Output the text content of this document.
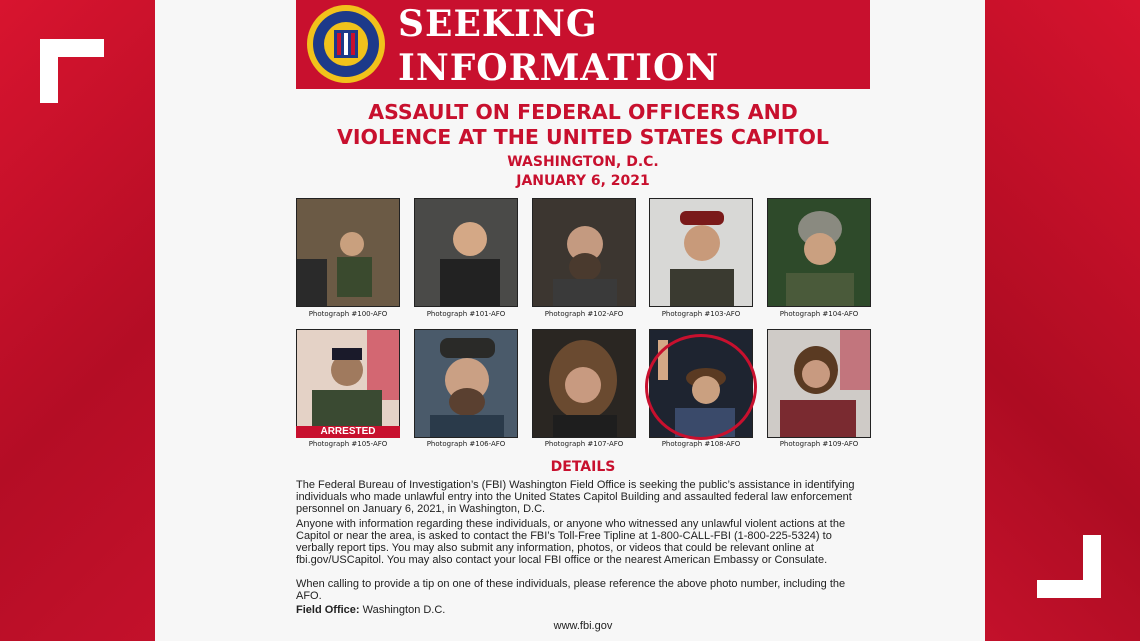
SEEKING
INFORMATION
ASSAULT ON FEDERAL OFFICERS AND
VIOLENCE AT THE UNITED STATES CAPITOL
WASHINGTON, D.C.
JANUARY 6, 2021
Photograph #100-AFO	Photograph #101-AFO	Photograph #102-AFO	Photograph #103-AFO	Photograph #104-AFO
ARRESTED
Photograph #105-AFO	Photograph #106-AFO	Photograph #107-AFO	Photograph #108-AFO	Photograph #109-AFO
DETAILS
The Federal Bureau of Investigation’s (FBI) Washington Field Office is seeking the public’s assistance in identifying individuals who made unlawful entry into the United States Capitol Building and assaulted federal law enforcement personnel on January 6, 2021, in Washington, D.C.
Anyone with information regarding these individuals, or anyone who witnessed any unlawful violent actions at the Capitol or near the area, is asked to contact the FBI’s Toll-Free Tipline at 1-800-CALL-FBI (1-800-225-5324) to verbally report tips. You may also submit any information, photos, or videos that could be relevant online at fbi.gov/USCapitol. You may also contact your local FBI office or the nearest American Embassy or Consulate.
When calling to provide a tip on one of these individuals, please reference the above photo number, including the AFO.
Field Office: Washington D.C.
www.fbi.gov
